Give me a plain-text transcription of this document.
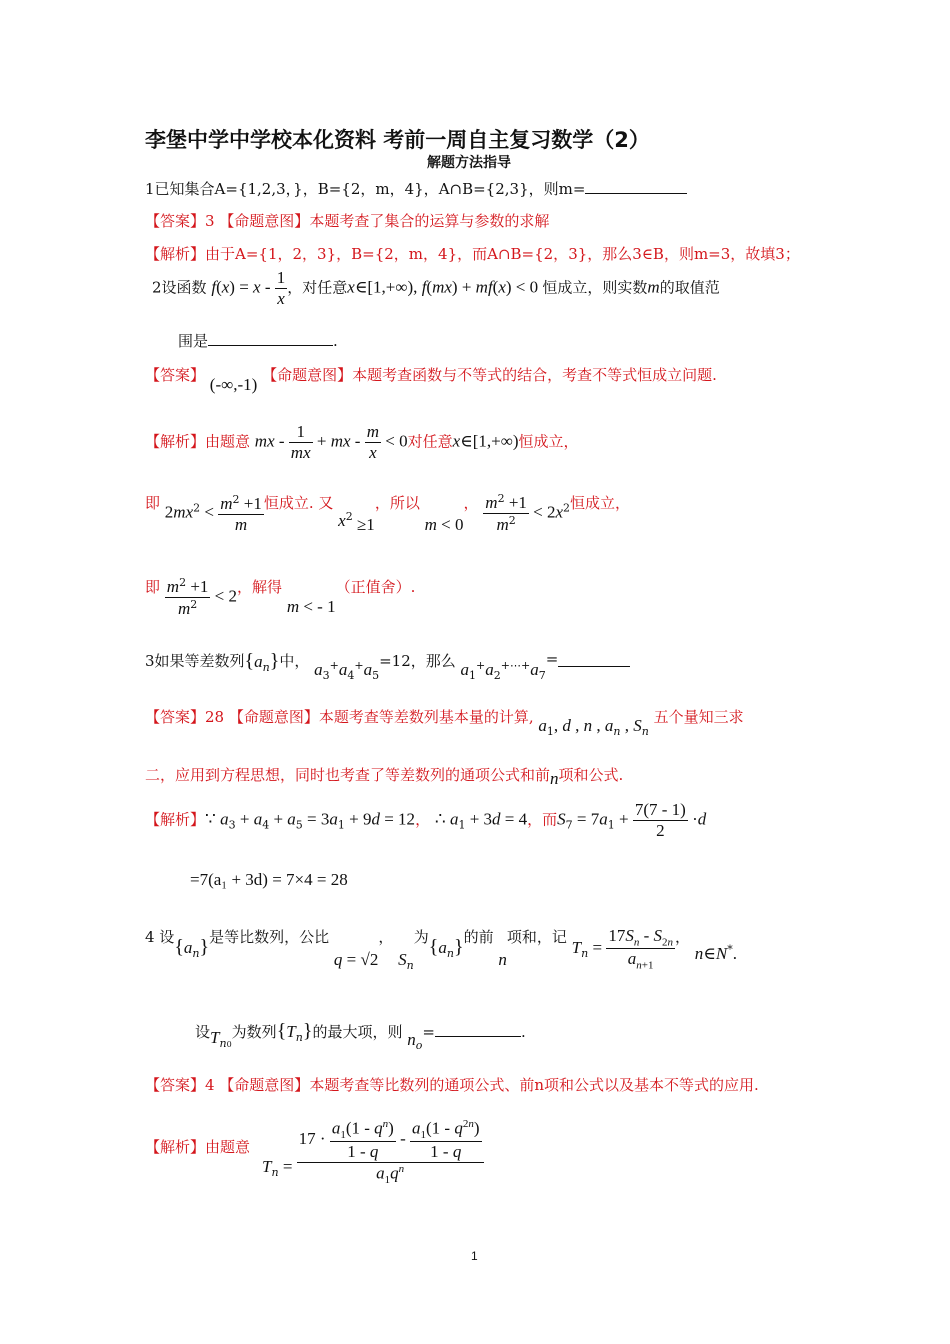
李堡中学中学校本化资料 考前一周自主复习数学（2）
解题方法指导
1已知集合A={1,2,3，}，B={2，m，4}，A∩B={2,3}，则m=
【答案】3 【命题意图】本题考查了集合的运算与参数的求解
【解析】由于A={1，2，3}，B={2，m，4}，而A∩B={2，3}，那么3∈B，则m=3，故填3；
2设函数 $f(x) = x - \frac{1}{x}$ ，对任意x∈[1,+∞), f(mx) + mf(x) < 0 恒成立，则实数m的取值范
围是	.
【答案】 (-∞,-1) 【命题意图】本题考查函数与不等式的结合，考查不等式恒成立问题.
【解析】由题意 mx - $\frac{1}{mx}$ + mx - $\frac{m}{x} < 0$对任意x∈[1,+∞)恒成立，
即 $2mx^2 < \frac{m^2 +1}{m}$ 恒成立. 又 $x^2 \ge 1$，所以 m < 0， $\frac{m^2 +1}{m^2} < 2x^2$恒成立，
即 $\frac{m^2 +1}{m^2} < 2$，解得 m < - 1（正值舍）.
3如果等差数列$\{a_n\}$中， $a_3^+a_4^+a_5=12$，那么 $a_1^+a_2^{+\cdots+}a_7=$
【答案】28 【命题意图】本题考查等差数列基本量的计算, $a_1$, d , n , $a_n$ , $S_n$ 五个量知三求
二，应用到方程思想，同时也考查了等差数列的通项公式和前n项和公式.
【解析】∵ $a_3 + a_4 + a_5 = 3a_1 + 9d = 12$， ∴ $a_1 + 3d = 4$，而$S_7 = 7a_1 + \frac{7(7 - 1)}{2} \cdot d$
=7(a₁ + 3d) = 7×4 = 28
4 设$\{a_n\}$是等比数列，公比 q = √2， $S_n$为$\{a_n\}$的前 n项和，记 $T_n = \frac{17S_n - S_{2n}}{a_{n+1}}$ ， n∈N*.
设$T_{n0}$为数列$\{T_n\}$的最大项，则 $n_o=$	.
【答案】4 【命题意图】本题考查等比数列的通项公式、前n项和公式以及基本不等式的应用.
【解析】由题意
$T_n = \frac{17 \cdot \frac{a_1(1 - q^n)}{1 - q} - \frac{a_1(1 - q^{2n})}{1 - q}}{a_1q^n}$
1
